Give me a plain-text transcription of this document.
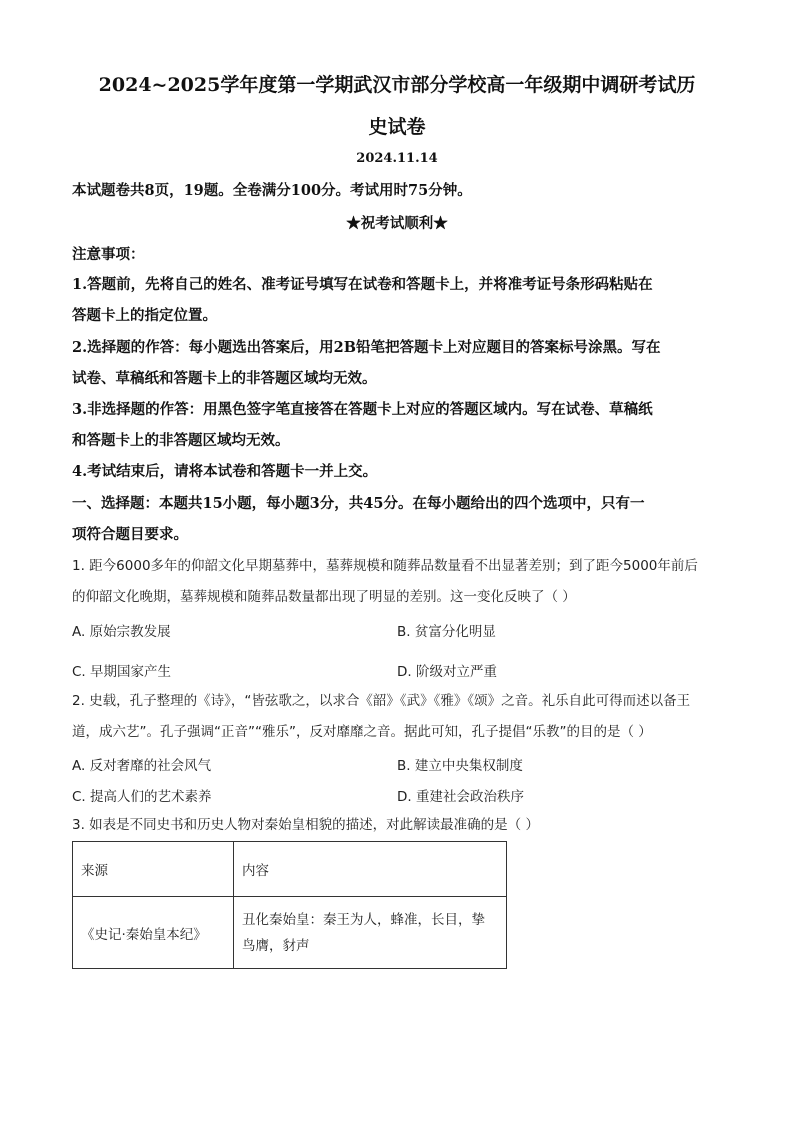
2024~2025学年度第一学期武汉市部分学校高一年级期中调研考试历
史试卷
2024.11.14
本试题卷共8页，19题。全卷满分100分。考试用时75分钟。
★祝考试顺利★
注意事项：
1.答题前，先将自己的姓名、准考证号填写在试卷和答题卡上，并将准考证号条形码粘贴在
答题卡上的指定位置。
2.选择题的作答：每小题选出答案后，用2B铅笔把答题卡上对应题目的答案标号涂黑。写在
试卷、草稿纸和答题卡上的非答题区域均无效。
3.非选择题的作答：用黑色签字笔直接答在答题卡上对应的答题区域内。写在试卷、草稿纸
和答题卡上的非答题区域均无效。
4.考试结束后，请将本试卷和答题卡一并上交。
一、选择题：本题共15小题，每小题3分，共45分。在每小题给出的四个选项中，只有一
项符合题目要求。
1. 距今6000多年的仰韶文化早期墓葬中，墓葬规模和随葬品数量看不出显著差别；到了距今5000年前后
的仰韶文化晚期，墓葬规模和随葬品数量都出现了明显的差别。这一变化反映了（ ）
A. 原始宗教发展	B. 贫富分化明显
C. 早期国家产生	D. 阶级对立严重
2. 史载，孔子整理的《诗》，“皆弦歌之，以求合《韶》《武》《雅》《颂》之音。礼乐自此可得而述以备王
道，成六艺”。孔子强调“正音”“雅乐”，反对靡靡之音。据此可知，孔子提倡“乐教”的目的是（ ）
A. 反对奢靡的社会风气	B. 建立中央集权制度
C. 提高人们的艺术素养	D. 重建社会政治秩序
3. 如表是不同史书和历史人物对秦始皇相貌的描述，对此解读最准确的是（ ）
来源	内容
《史记·秦始皇本纪》	丑化秦始皇：秦王为人，蜂准，长目，挚
鸟膺，豺声
